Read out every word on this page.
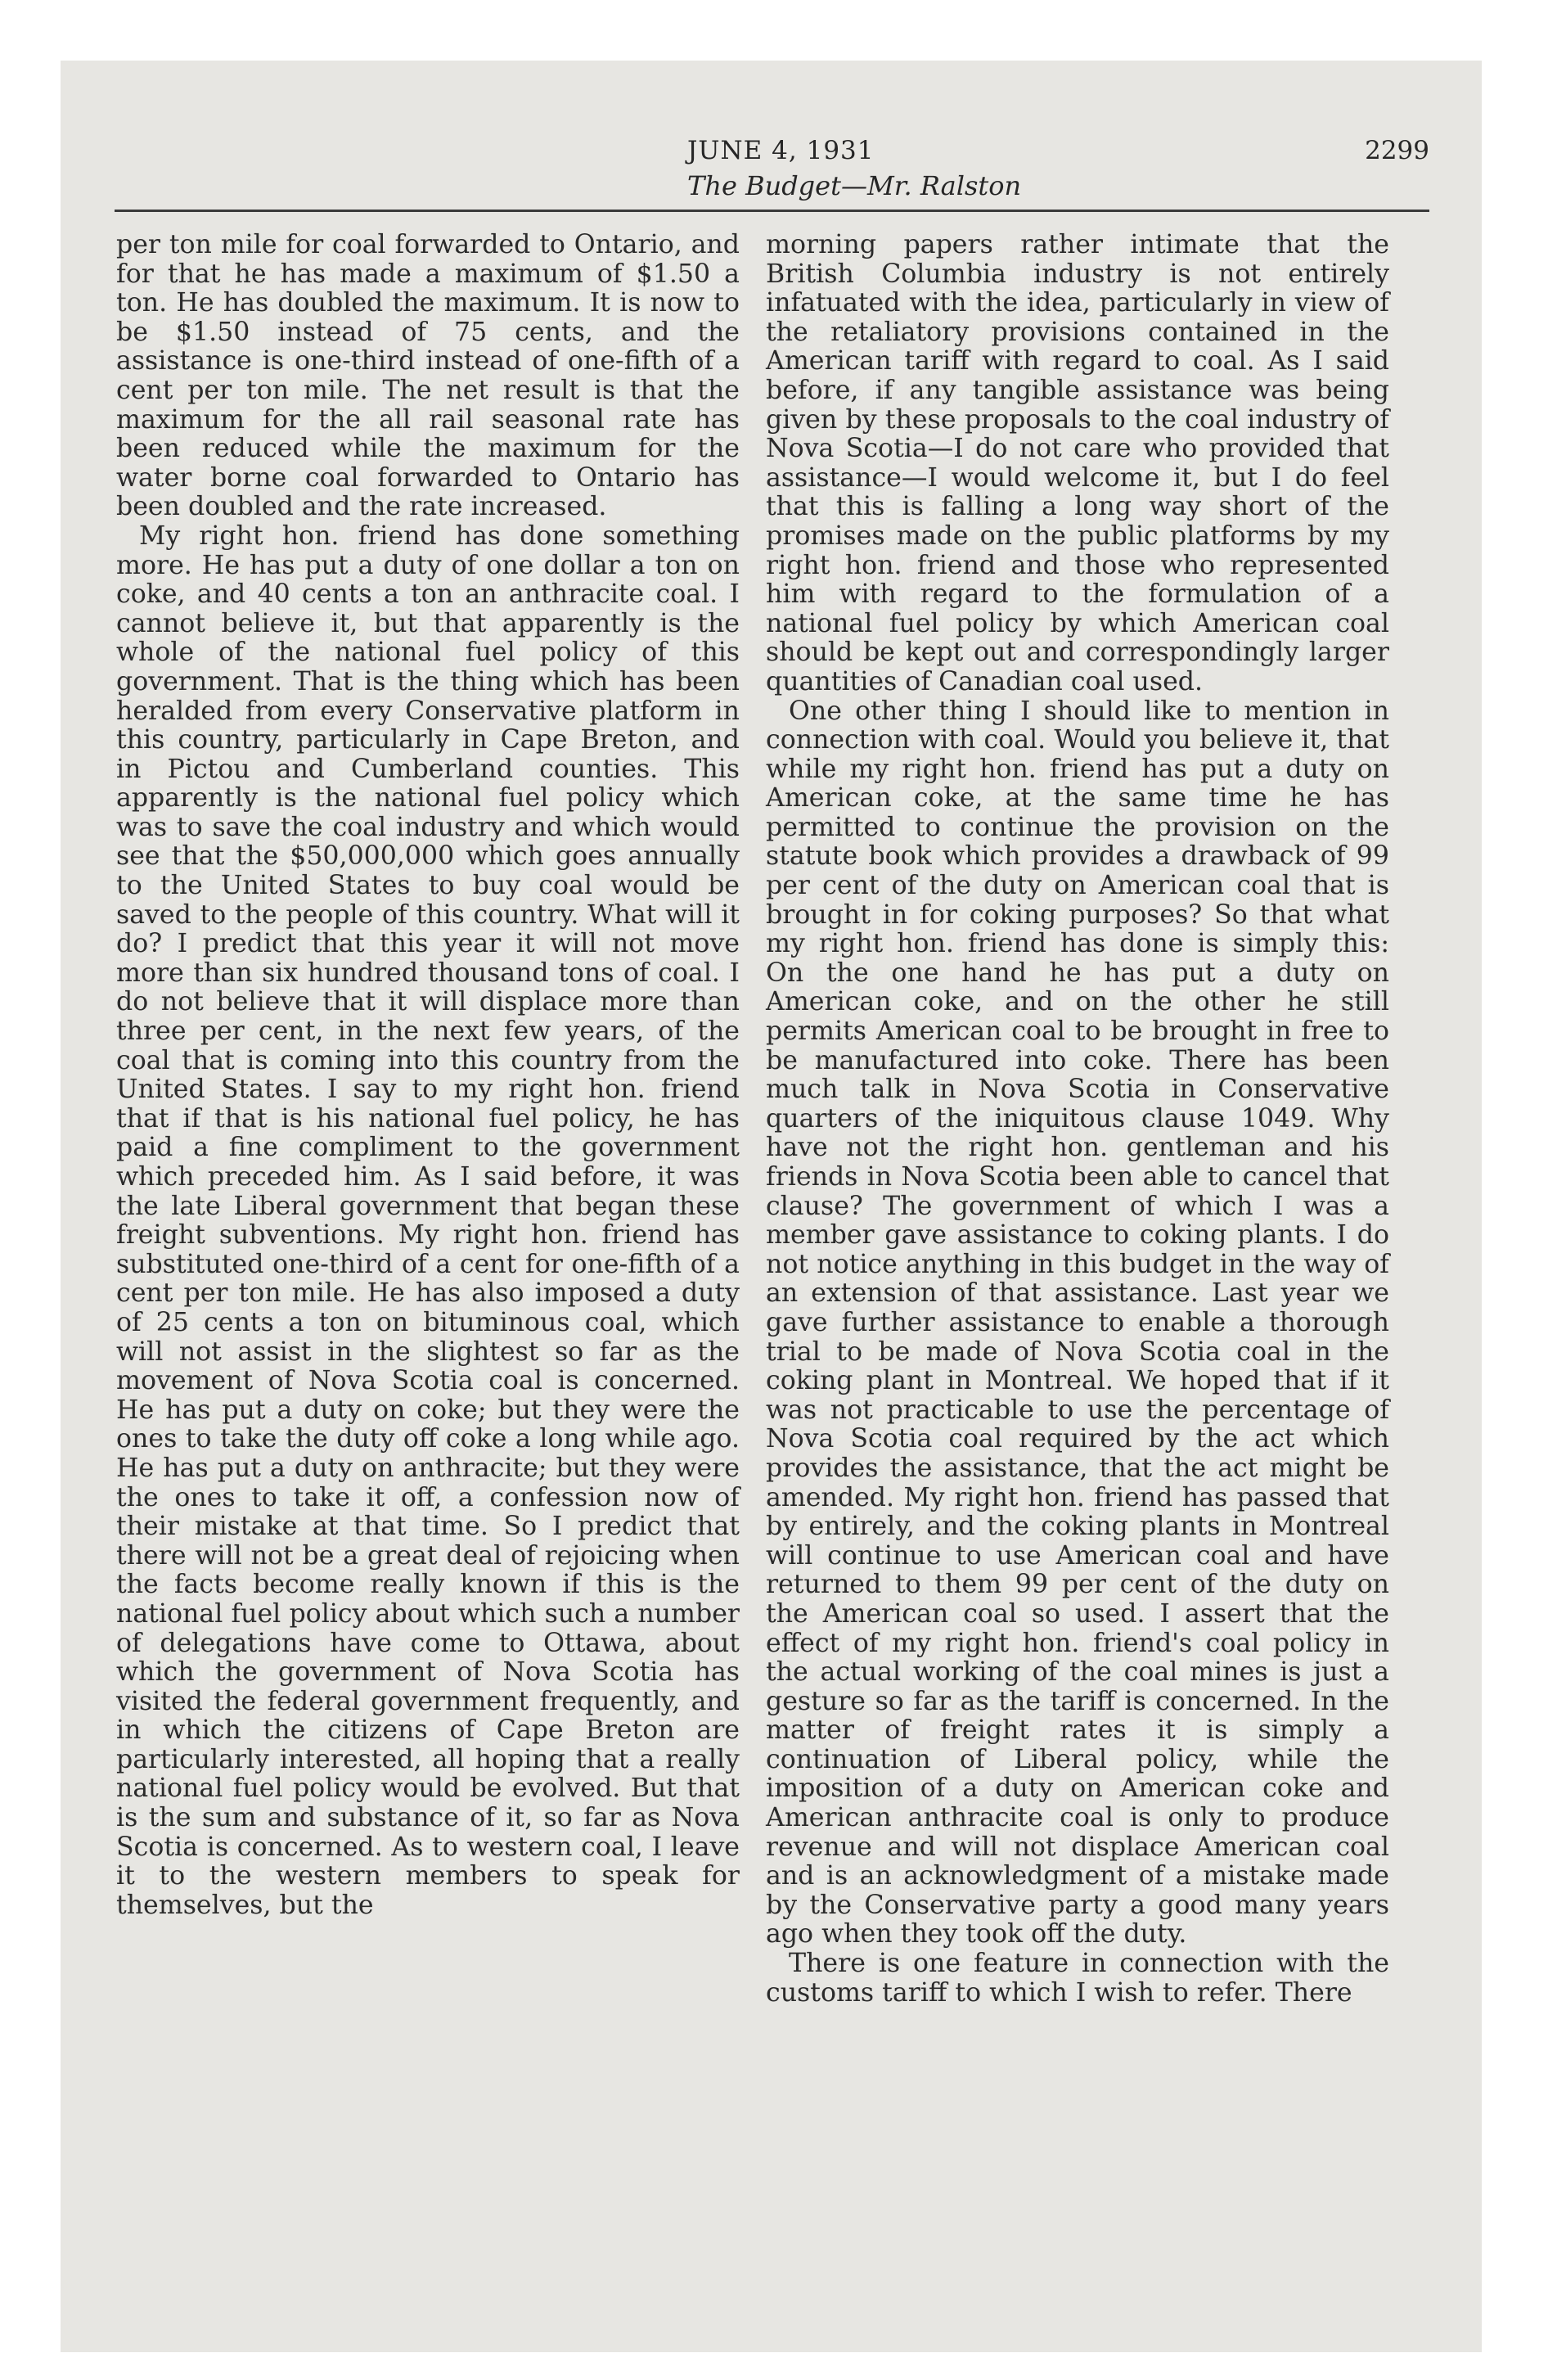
JUNE 4, 1931
The Budget—Mr. Ralston
2299

per ton mile for coal forwarded to Ontario, and for that he has made a maximum of $1.50 a ton. He has doubled the maximum. It is now to be $1.50 instead of 75 cents, and the assistance is one-third instead of one-fifth of a cent per ton mile. The net result is that the maximum for the all rail seasonal rate has been reduced while the maximum for the water borne coal forwarded to Ontario has been doubled and the rate increased.

My right hon. friend has done something more. He has put a duty of one dollar a ton on coke, and 40 cents a ton an anthracite coal. I cannot believe it, but that apparently is the whole of the national fuel policy of this government. That is the thing which has been heralded from every Conservative platform in this country, particularly in Cape Breton, and in Pictou and Cumberland counties. This apparently is the national fuel policy which was to save the coal industry and which would see that the $50,000,000 which goes annually to the United States to buy coal would be saved to the people of this country. What will it do? I predict that this year it will not move more than six hundred thousand tons of coal. I do not believe that it will displace more than three per cent, in the next few years, of the coal that is coming into this country from the United States. I say to my right hon. friend that if that is his national fuel policy, he has paid a fine compliment to the government which preceded him. As I said before, it was the late Liberal government that began these freight subventions. My right hon. friend has substituted one-third of a cent for one-fifth of a cent per ton mile. He has also imposed a duty of 25 cents a ton on bituminous coal, which will not assist in the slightest so far as the movement of Nova Scotia coal is concerned. He has put a duty on coke; but they were the ones to take the duty off coke a long while ago. He has put a duty on anthracite; but they were the ones to take it off, a confession now of their mistake at that time. So I predict that there will not be a great deal of rejoicing when the facts become really known if this is the national fuel policy about which such a number of delegations have come to Ottawa, about which the government of Nova Scotia has visited the federal government frequently, and in which the citizens of Cape Breton are particularly interested, all hoping that a really national fuel policy would be evolved. But that is the sum and substance of it, so far as Nova Scotia is concerned. As to western coal, I leave it to the western members to speak for themselves, but the

morning papers rather intimate that the British Columbia industry is not entirely infatuated with the idea, particularly in view of the retaliatory provisions contained in the American tariff with regard to coal. As I said before, if any tangible assistance was being given by these proposals to the coal industry of Nova Scotia—I do not care who provided that assistance—I would welcome it, but I do feel that this is falling a long way short of the promises made on the public platforms by my right hon. friend and those who represented him with regard to the formulation of a national fuel policy by which American coal should be kept out and correspondingly larger quantities of Canadian coal used.

One other thing I should like to mention in connection with coal. Would you believe it, that while my right hon. friend has put a duty on American coke, at the same time he has permitted to continue the provision on the statute book which provides a drawback of 99 per cent of the duty on American coal that is brought in for coking purposes? So that what my right hon. friend has done is simply this: On the one hand he has put a duty on American coke, and on the other he still permits American coal to be brought in free to be manufactured into coke. There has been much talk in Nova Scotia in Conservative quarters of the iniquitous clause 1049. Why have not the right hon. gentleman and his friends in Nova Scotia been able to cancel that clause? The government of which I was a member gave assistance to coking plants. I do not notice anything in this budget in the way of an extension of that assistance. Last year we gave further assistance to enable a thorough trial to be made of Nova Scotia coal in the coking plant in Montreal. We hoped that if it was not practicable to use the percentage of Nova Scotia coal required by the act which provides the assistance, that the act might be amended. My right hon. friend has passed that by entirely, and the coking plants in Montreal will continue to use American coal and have returned to them 99 per cent of the duty on the American coal so used. I assert that the effect of my right hon. friend's coal policy in the actual working of the coal mines is just a gesture so far as the tariff is concerned. In the matter of freight rates it is simply a continuation of Liberal policy, while the imposition of a duty on American coke and American anthracite coal is only to produce revenue and will not displace American coal and is an acknowledgment of a mistake made by the Conservative party a good many years ago when they took off the duty.

There is one feature in connection with the customs tariff to which I wish to refer. There
